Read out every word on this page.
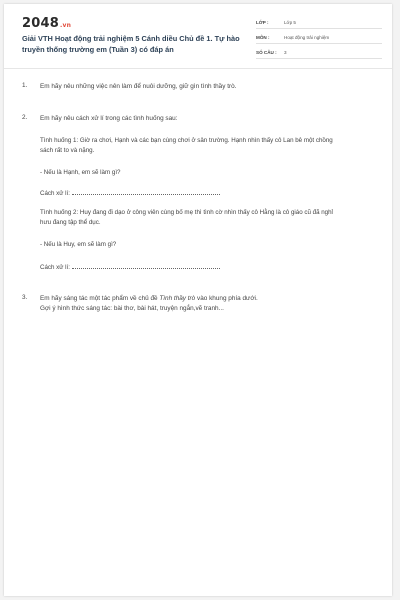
2048.vn
Giải VTH Hoạt động trải nghiệm 5 Cánh diều Chủ đề 1. Tự hào truyền thống trường em (Tuần 3) có đáp án
LỚP :	Lớp 5
MÔN :	Hoạt động trải nghiệm
SỐ CÂU : 3
1. Em hãy nêu những việc nên làm để nuôi dưỡng, giữ gìn tình thầy trò.
2. Em hãy nêu cách xử lí trong các tình huống sau:
Tình huống 1: Giờ ra chơi, Hạnh và các bạn cùng chơi ở sân trường. Hạnh nhìn thấy cô Lan bê một chồng sách rất to và nặng.
- Nếu là Hạnh, em sẽ làm gì?
Cách xử lí:
Tình huống 2: Huy đang đi dạo ở công viên cùng bố mẹ thì tình cờ nhìn thấy cô Hằng là cô giáo cũ đã nghỉ hưu đang tập thể dục.
- Nếu là Huy, em sẽ làm gì?
Cách xử lí:
3. Em hãy sáng tác một tác phẩm về chủ đề Tình thầy trò vào khung phía dưới.
Gợi ý hình thức sáng tác: bài thơ, bài hát, truyện ngắn,vẽ tranh...
